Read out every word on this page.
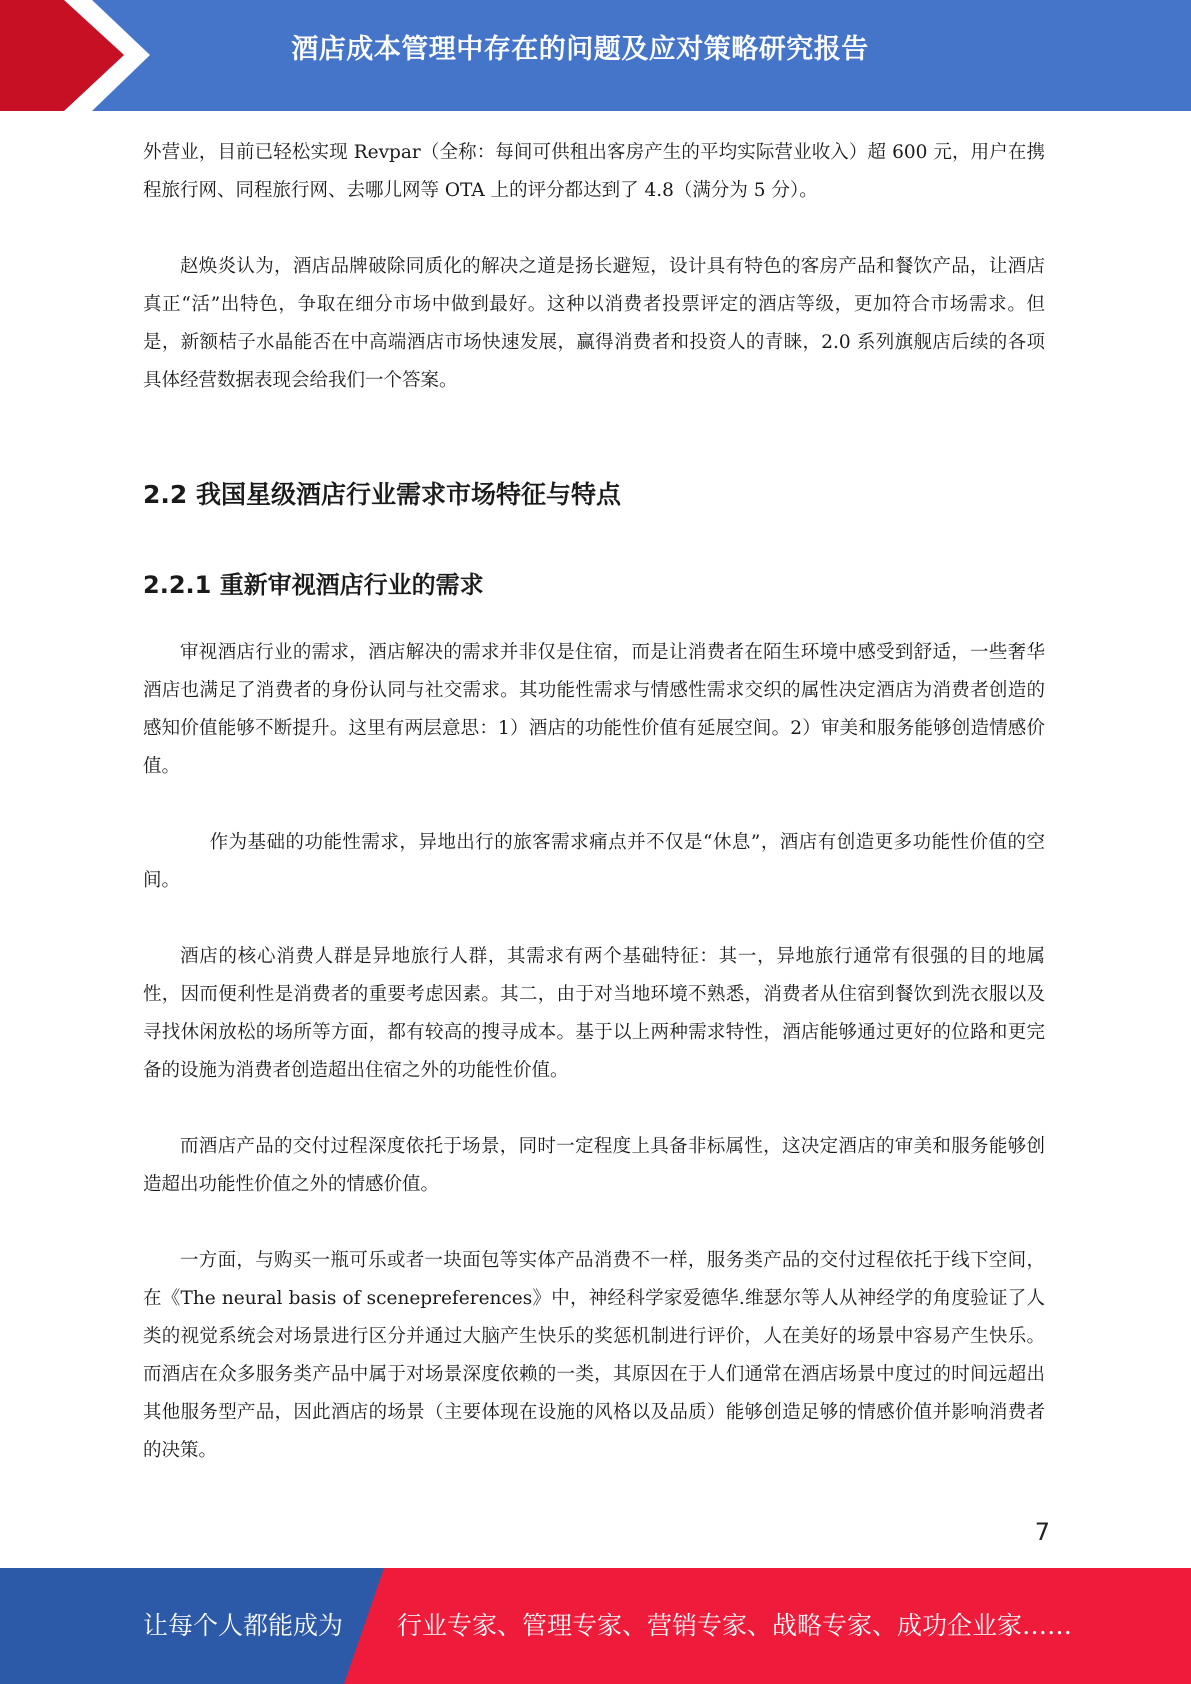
酒店成本管理中存在的问题及应对策略研究报告

外营业，目前已轻松实现 Revpar（全称：每间可供租出客房产生的平均实际营业收入）超 600 元，用户在携程旅行网、同程旅行网、去哪儿网等 OTA 上的评分都达到了 4.8（满分为 5 分）。

赵焕炎认为，酒店品牌破除同质化的解决之道是扬长避短，设计具有特色的客房产品和餐饮产品，让酒店真正“活”出特色，争取在细分市场中做到最好。这种以消费者投票评定的酒店等级，更加符合市场需求。但是，新额桔子水晶能否在中高端酒店市场快速发展，赢得消费者和投资人的青睐，2.0 系列旗舰店后续的各项具体经营数据表现会给我们一个答案。

2.2 我国星级酒店行业需求市场特征与特点
2.2.1 重新审视酒店行业的需求

审视酒店行业的需求，酒店解决的需求并非仅是住宿，而是让消费者在陌生环境中感受到舒适，一些奢华酒店也满足了消费者的身份认同与社交需求。其功能性需求与情感性需求交织的属性决定酒店为消费者创造的感知价值能够不断提升。这里有两层意思：1）酒店的功能性价值有延展空间。2）审美和服务能够创造情感价值。

作为基础的功能性需求，异地出行的旅客需求痛点并不仅是“休息”，酒店有创造更多功能性价值的空间。

酒店的核心消费人群是异地旅行人群，其需求有两个基础特征：其一，异地旅行通常有很强的目的地属性，因而便利性是消费者的重要考虑因素。其二，由于对当地环境不熟悉，消费者从住宿到餐饮到洗衣服以及寻找休闲放松的场所等方面，都有较高的搜寻成本。基于以上两种需求特性，酒店能够通过更好的位路和更完备的设施为消费者创造超出住宿之外的功能性价值。

而酒店产品的交付过程深度依托于场景，同时一定程度上具备非标属性，这决定酒店的审美和服务能够创造超出功能性价值之外的情感价值。

一方面，与购买一瓶可乐或者一块面包等实体产品消费不一样，服务类产品的交付过程依托于线下空间，在《The neural basis of scenepreferences》中，神经科学家爱德华.维瑟尔等人从神经学的角度验证了人类的视觉系统会对场景进行区分并通过大脑产生快乐的奖惩机制进行评价，人在美好的场景中容易产生快乐。而酒店在众多服务类产品中属于对场景深度依赖的一类，其原因在于人们通常在酒店场景中度过的时间远超出其他服务型产品，因此酒店的场景（主要体现在设施的风格以及品质）能够创造足够的情感价值并影响消费者的决策。

7
让每个人都能成为 行业专家、管理专家、营销专家、战略专家、成功企业家……
